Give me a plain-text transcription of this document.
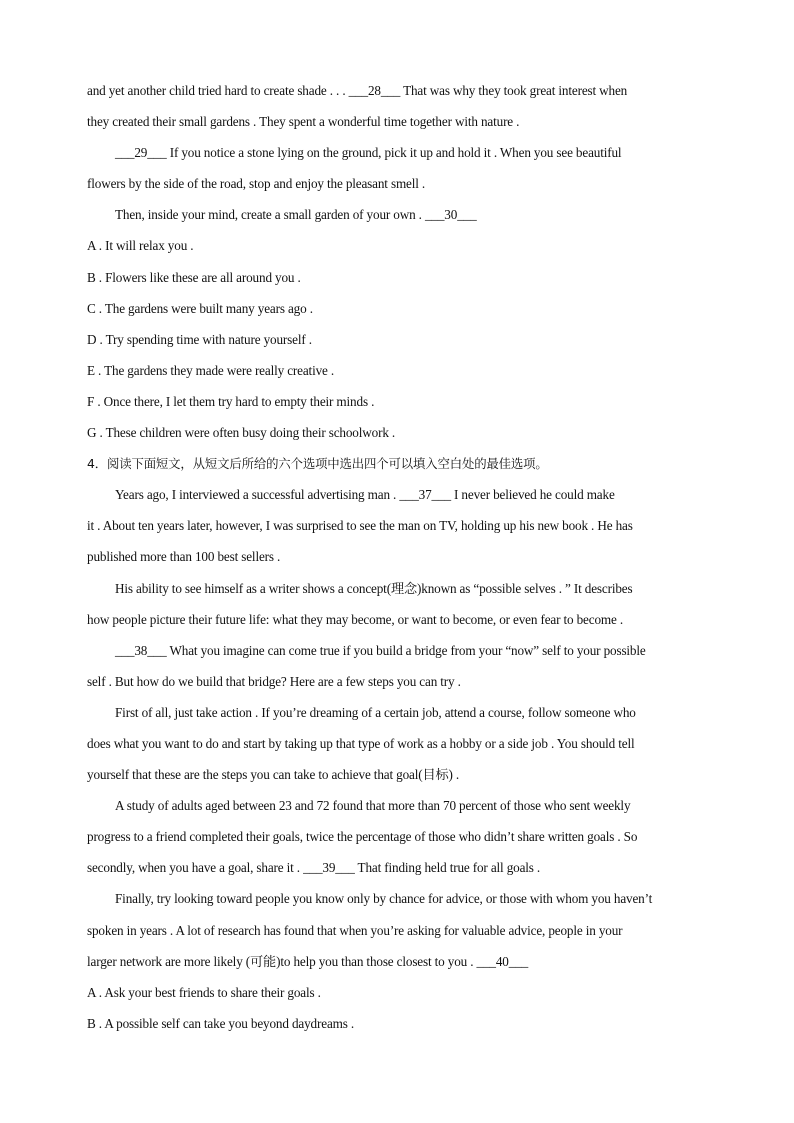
and yet another child tried hard to create shade . . . ___28___ That was why they took great interest when
they created their small gardens . They spent a wonderful time together with nature .
___29___ If you notice a stone lying on the ground, pick it up and hold it . When you see beautiful
flowers by the side of the road, stop and enjoy the pleasant smell .
Then, inside your mind, create a small garden of your own . ___30___
A . It will relax you .
B . Flowers like these are all around you .
C . The gardens were built many years ago .
D . Try spending time with nature yourself .
E . The gardens they made were really creative .
F . Once there, I let them try hard to empty their minds .
G . These children were often busy doing their schoolwork .
4．阅读下面短文，从短文后所给的六个选项中选出四个可以填入空白处的最佳选项。
Years ago, I interviewed a successful advertising man . ___37___ I never believed he could make
it . About ten years later, however, I was surprised to see the man on TV, holding up his new book . He has
published more than 100 best sellers .
His ability to see himself as a writer shows a concept(理念)known as “possible selves . ” It describes
how people picture their future life: what they may become, or want to become, or even fear to become .
___38___ What you imagine can come true if you build a bridge from your “now” self to your possible
self . But how do we build that bridge? Here are a few steps you can try .
First of all, just take action . If you’re dreaming of a certain job, attend a course, follow someone who
does what you want to do and start by taking up that type of work as a hobby or a side job . You should tell
yourself that these are the steps you can take to achieve that goal(目标) .
A study of adults aged between 23 and 72 found that more than 70 percent of those who sent weekly
progress to a friend completed their goals, twice the percentage of those who didn’t share written goals . So
secondly, when you have a goal, share it . ___39___ That finding held true for all goals .
Finally, try looking toward people you know only by chance for advice, or those with whom you haven’t
spoken in years . A lot of research has found that when you’re asking for valuable advice, people in your
larger network are more likely (可能)to help you than those closest to you . ___40___
A . Ask your best friends to share their goals .
B . A possible self can take you beyond daydreams .
